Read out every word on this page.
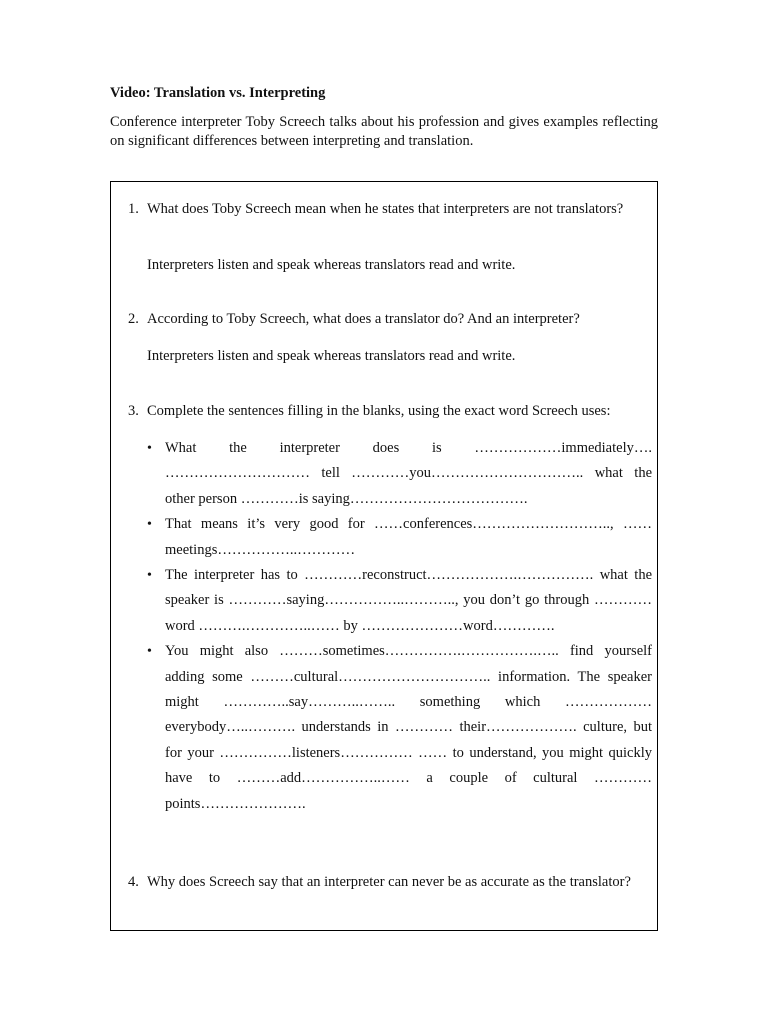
Video: Translation vs. Interpreting
Conference interpreter Toby Screech talks about his profession and gives examples reflecting on significant differences between interpreting and translation.
1. What does Toby Screech mean when he states that interpreters are not translators?
Interpreters listen and speak whereas translators read and write.
2. According to Toby Screech, what does a translator do? And an interpreter?
Interpreters listen and speak whereas translators read and write.
3. Complete the sentences filling in the blanks, using the exact word Screech uses:
• What the interpreter does is ………………immediately…. ………………………… tell …………you………………………….. what the other person …………is saying……………………………….
• That means it’s very good for ……conferences……………………….., …… meetings……………..…………
• The interpreter has to …………reconstruct……………….……………. what the speaker is …………saying……………..……….., you don’t go through …………word ……….…………..…… by …………………word………….
• You might also ………sometimes…………….…………….….. find yourself adding some ………cultural………………………….. information. The speaker might …………..say………..…….. something which ………………everybody…..………. understands in ………… their………………. culture, but for your ……………listeners…………… …… to understand, you might quickly have to ………add……………..…… a couple of cultural …………points………………….
4. Why does Screech say that an interpreter can never be as accurate as the translator?
